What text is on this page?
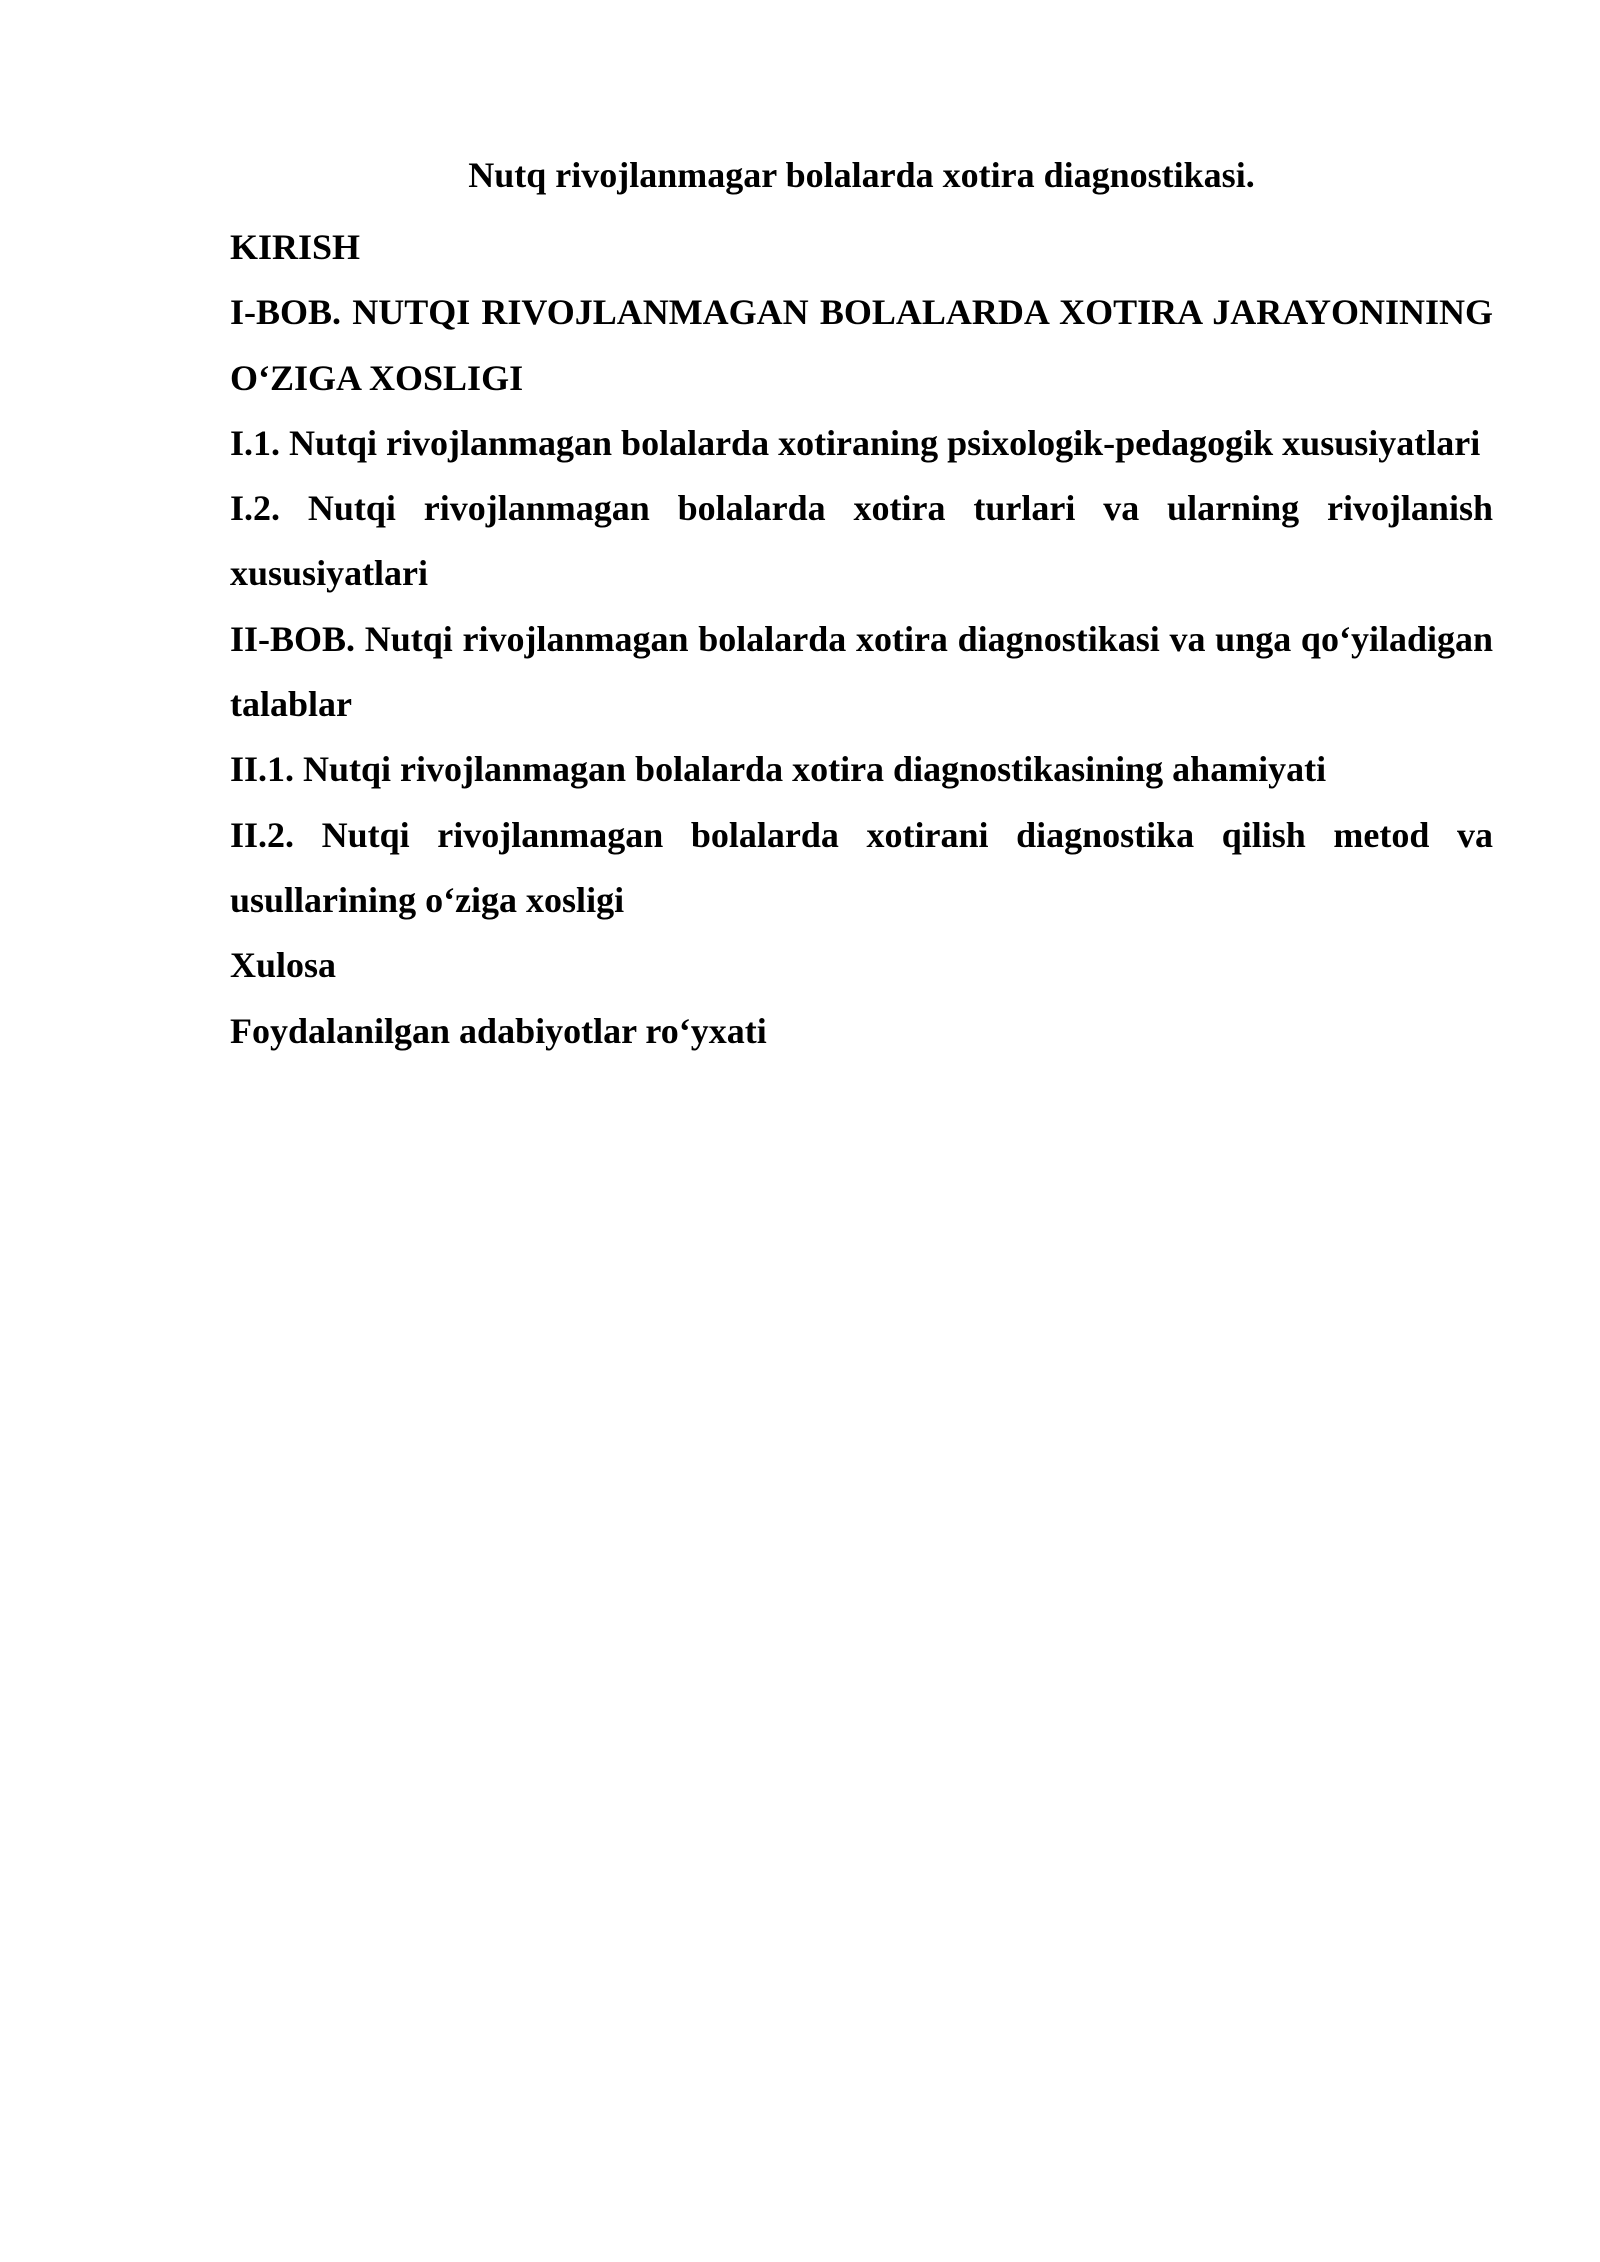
Nutq rivojlanmagar bolalarda xotira diagnostikasi.
KIRISH
I-BOB. NUTQI RIVOJLANMAGAN BOLALARDA XOTIRA JARAYONINING O‘ZIGA XOSLIGI
I.1. Nutqi rivojlanmagan bolalarda xotiraning psixologik-pedagogik xususiyatlari
I.2. Nutqi rivojlanmagan bolalarda xotira turlari va ularning rivojlanish xususiyatlari
II-BOB. Nutqi rivojlanmagan bolalarda xotira diagnostikasi va unga qo‘yiladigan talablar
II.1. Nutqi rivojlanmagan bolalarda xotira diagnostikasining ahamiyati
II.2. Nutqi rivojlanmagan bolalarda xotirani diagnostika qilish metod va usullarining o‘ziga xosligi
Xulosa
Foydalanilgan adabiyotlar ro‘yxati
